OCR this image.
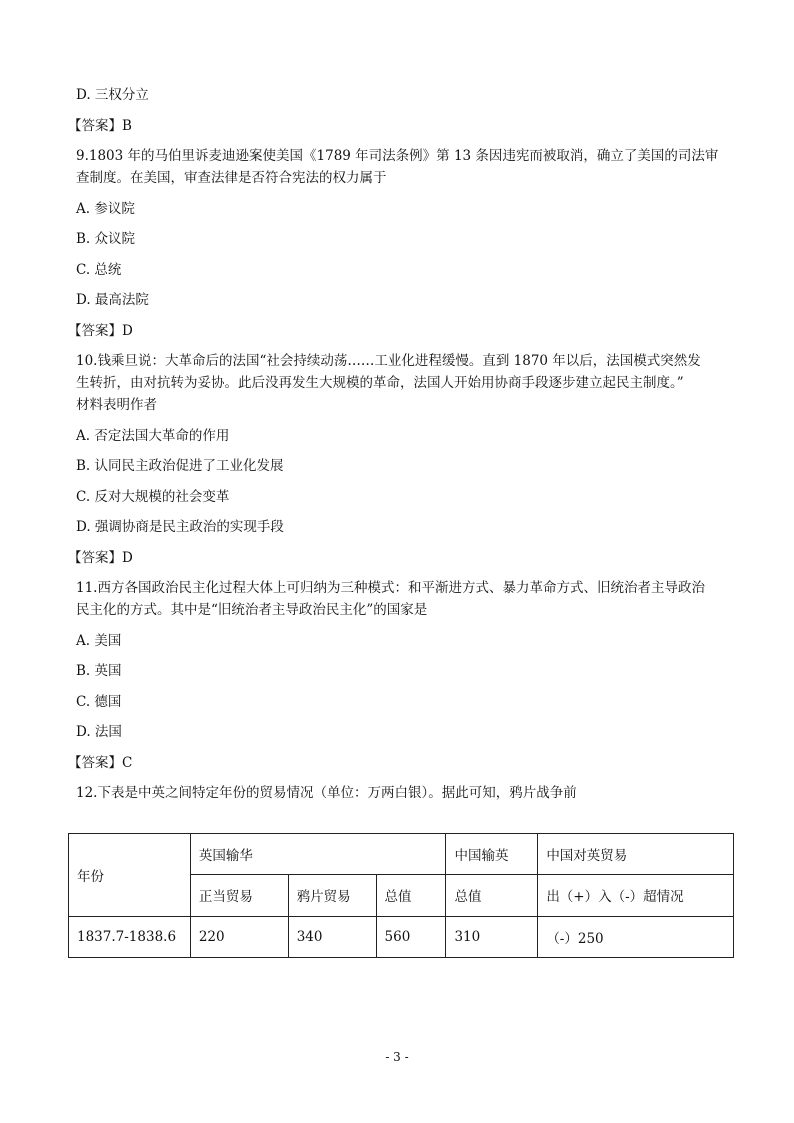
D. 三权分立
【答案】B
9.1803 年的马伯里诉麦迪逊案使美国《1789 年司法条例》第 13 条因违宪而被取消，确立了美国的司法审
查制度。在美国，审查法律是否符合宪法的权力属于
A. 参议院
B. 众议院
C. 总统
D. 最高法院
【答案】D
10.钱乘旦说：大革命后的法国“社会持续动荡……工业化进程缓慢。直到 1870 年以后，法国模式突然发
生转折，由对抗转为妥协。此后没再发生大规模的革命，法国人开始用协商手段逐步建立起民主制度。”
材料表明作者
A. 否定法国大革命的作用
B. 认同民主政治促进了工业化发展
C. 反对大规模的社会变革
D. 强调协商是民主政治的实现手段
【答案】D
11.西方各国政治民主化过程大体上可归纳为三种模式：和平渐进方式、暴力革命方式、旧统治者主导政治
民主化的方式。其中是“旧统治者主导政治民主化”的国家是
A. 美国
B. 英国
C. 德国
D. 法国
【答案】C
12.下表是中英之间特定年份的贸易情况（单位：万两白银）。据此可知，鸦片战争前
年份	英国输华			中国输英	中国对英贸易
	正当贸易	鸦片贸易	总值	总值	出（+）入（-）超情况
1837.7-1838.6	220	340	560	310	（-）250
- 3 -
